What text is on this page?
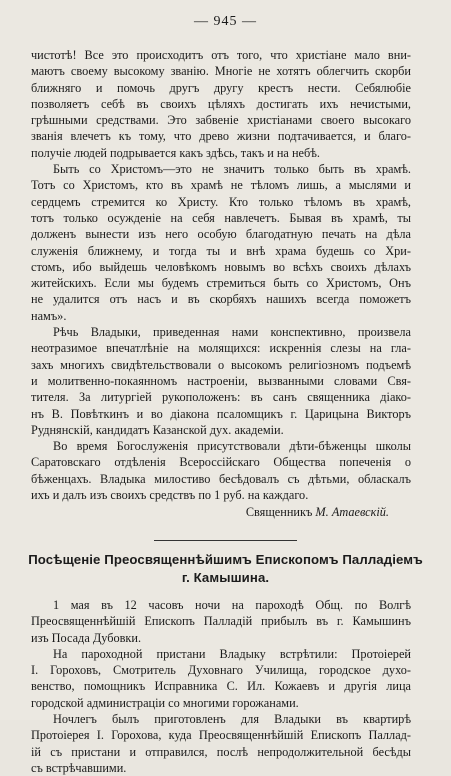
— 945 —
чистотѣ! Все это происходитъ отъ того, что христiане мало вни-
маютъ своему высокому званiю. Многiе не хотятъ облегчить скорби
ближняго и помочь другъ другу крестъ нести. Себялюбiе
позволяетъ себѣ въ своихъ цѣляхъ достигать ихъ нечистыми,
грѣшными средствами. Это забвенiе христiанами своего высокаго
званiя влечетъ къ тому, что древо жизни подтачивается, и благо-
получiе людей подрывается какъ здѣсь, такъ и на небѣ.
Быть со Христомъ—это не значитъ только быть въ храмѣ.
Тотъ со Христомъ, кто въ храмѣ не тѣломъ лишь, а мыслями и
сердцемъ стремится ко Христу. Кто только тѣломъ въ храмѣ,
тотъ только осужденiе на себя навлечетъ. Бывая въ храмѣ, ты
долженъ вынести изъ него особую благодатную печать на дѣла
служенiя ближнему, и тогда ты и внѣ храма будешь со Хри-
стомъ, ибо выйдешь человѣкомъ новымъ во всѣхъ своихъ дѣлахъ
житейскихъ. Если мы будемъ стремиться быть со Христомъ, Онъ
не удалится отъ насъ и въ скорбяхъ нашихъ всегда поможетъ
намъ».
Рѣчь Владыки, приведенная нами конспективно, произвела
неотразимое впечатлѣнiе на молящихся: искреннiя слезы на гла-
захъ многихъ свидѣтельствовали о высокомъ религiозномъ подъемѣ
и молитвенно-покаянномъ настроенiи, вызванными словами Свя-
тителя. За литургiей рукоположенъ: въ санъ священника дiако-
нъ В. Повѣткинъ и во дiакона псаломщикъ г. Царицына Викторъ
Руднянскiй, кандидатъ Казанской дух. академiи.
Во время Богослуженiя присутствовали дѣти-бѣженцы школы
Саратовскаго отдѣленiя Всероссiйскаго Общества попеченiя о
бѣженцахъ. Владыка милостиво бесѣдовалъ съ дѣтьми, обласкалъ
ихъ и далъ изъ своихъ средствъ по 1 руб. на каждаго.
Священникъ М. Атаевскiй.
Посѣщенiе Преосвященнѣйшимъ Епископомъ Палладiемъ
г. Камышина.
1 мая въ 12 часовъ ночи на пароходѣ Общ. по Волгѣ
Преосвященнѣйшiй Епископъ Палладiй прибылъ въ г. Камышинъ
изъ Посада Дубовки.
На пароходной пристани Владыку встрѣтили: Протоiерей
I. Гороховъ, Смотритель Духовнаго Училища, городское духо-
венство, помощникъ Исправника С. Ил. Кожаевъ и другiя лица
городской администрацiи со многими горожанами.
Ночлегъ былъ приготовленъ для Владыки въ квартирѣ
Протоiерея I. Горохова, куда Преосвященнѣйшiй Епископъ Паллад-
iй съ пристани и отправился, послѣ непродолжительной бесѣды
съ встрѣчавшими.
